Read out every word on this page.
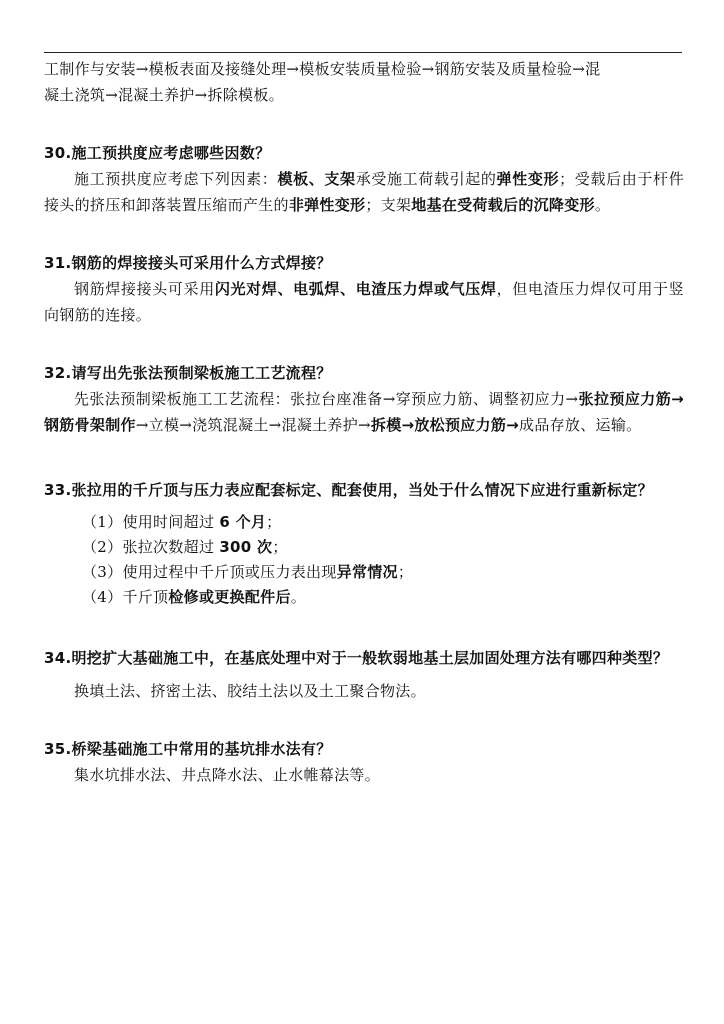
工制作与安装→模板表面及接缝处理→模板安装质量检验→钢筋安装及质量检验→混
凝土浇筑→混凝土养护→拆除模板。

30.施工预拱度应考虑哪些因数？

施工预拱度应考虑下列因素：模板、支架承受施工荷载引起的弹性变形；受载后由于杆件接头的挤压和卸落装置压缩而产生的非弹性变形；支架地基在受荷载后的沉降变形。

31.钢筋的焊接接头可采用什么方式焊接？

钢筋焊接接头可采用闪光对焊、电弧焊、电渣压力焊或气压焊，但电渣压力焊仅可用于竖向钢筋的连接。

32.请写出先张法预制梁板施工工艺流程？

先张法预制梁板施工工艺流程：张拉台座准备→穿预应力筋、调整初应力→张拉预应力筋→钢筋骨架制作→立模→浇筑混凝土→混凝土养护→拆模→放松预应力筋→成品存放、运输。

33.张拉用的千斤顶与压力表应配套标定、配套使用，当处于什么情况下应进行重新标定？

（1）使用时间超过 6 个月；

（2）张拉次数超过 300 次；

（3）使用过程中千斤顶或压力表出现异常情况；

（4）千斤顶检修或更换配件后。

34.明挖扩大基础施工中，在基底处理中对于一般软弱地基土层加固处理方法有哪四种类型？

换填土法、挤密土法、胶结土法以及土工聚合物法。

35.桥梁基础施工中常用的基坑排水法有？

集水坑排水法、井点降水法、止水帷幕法等。
